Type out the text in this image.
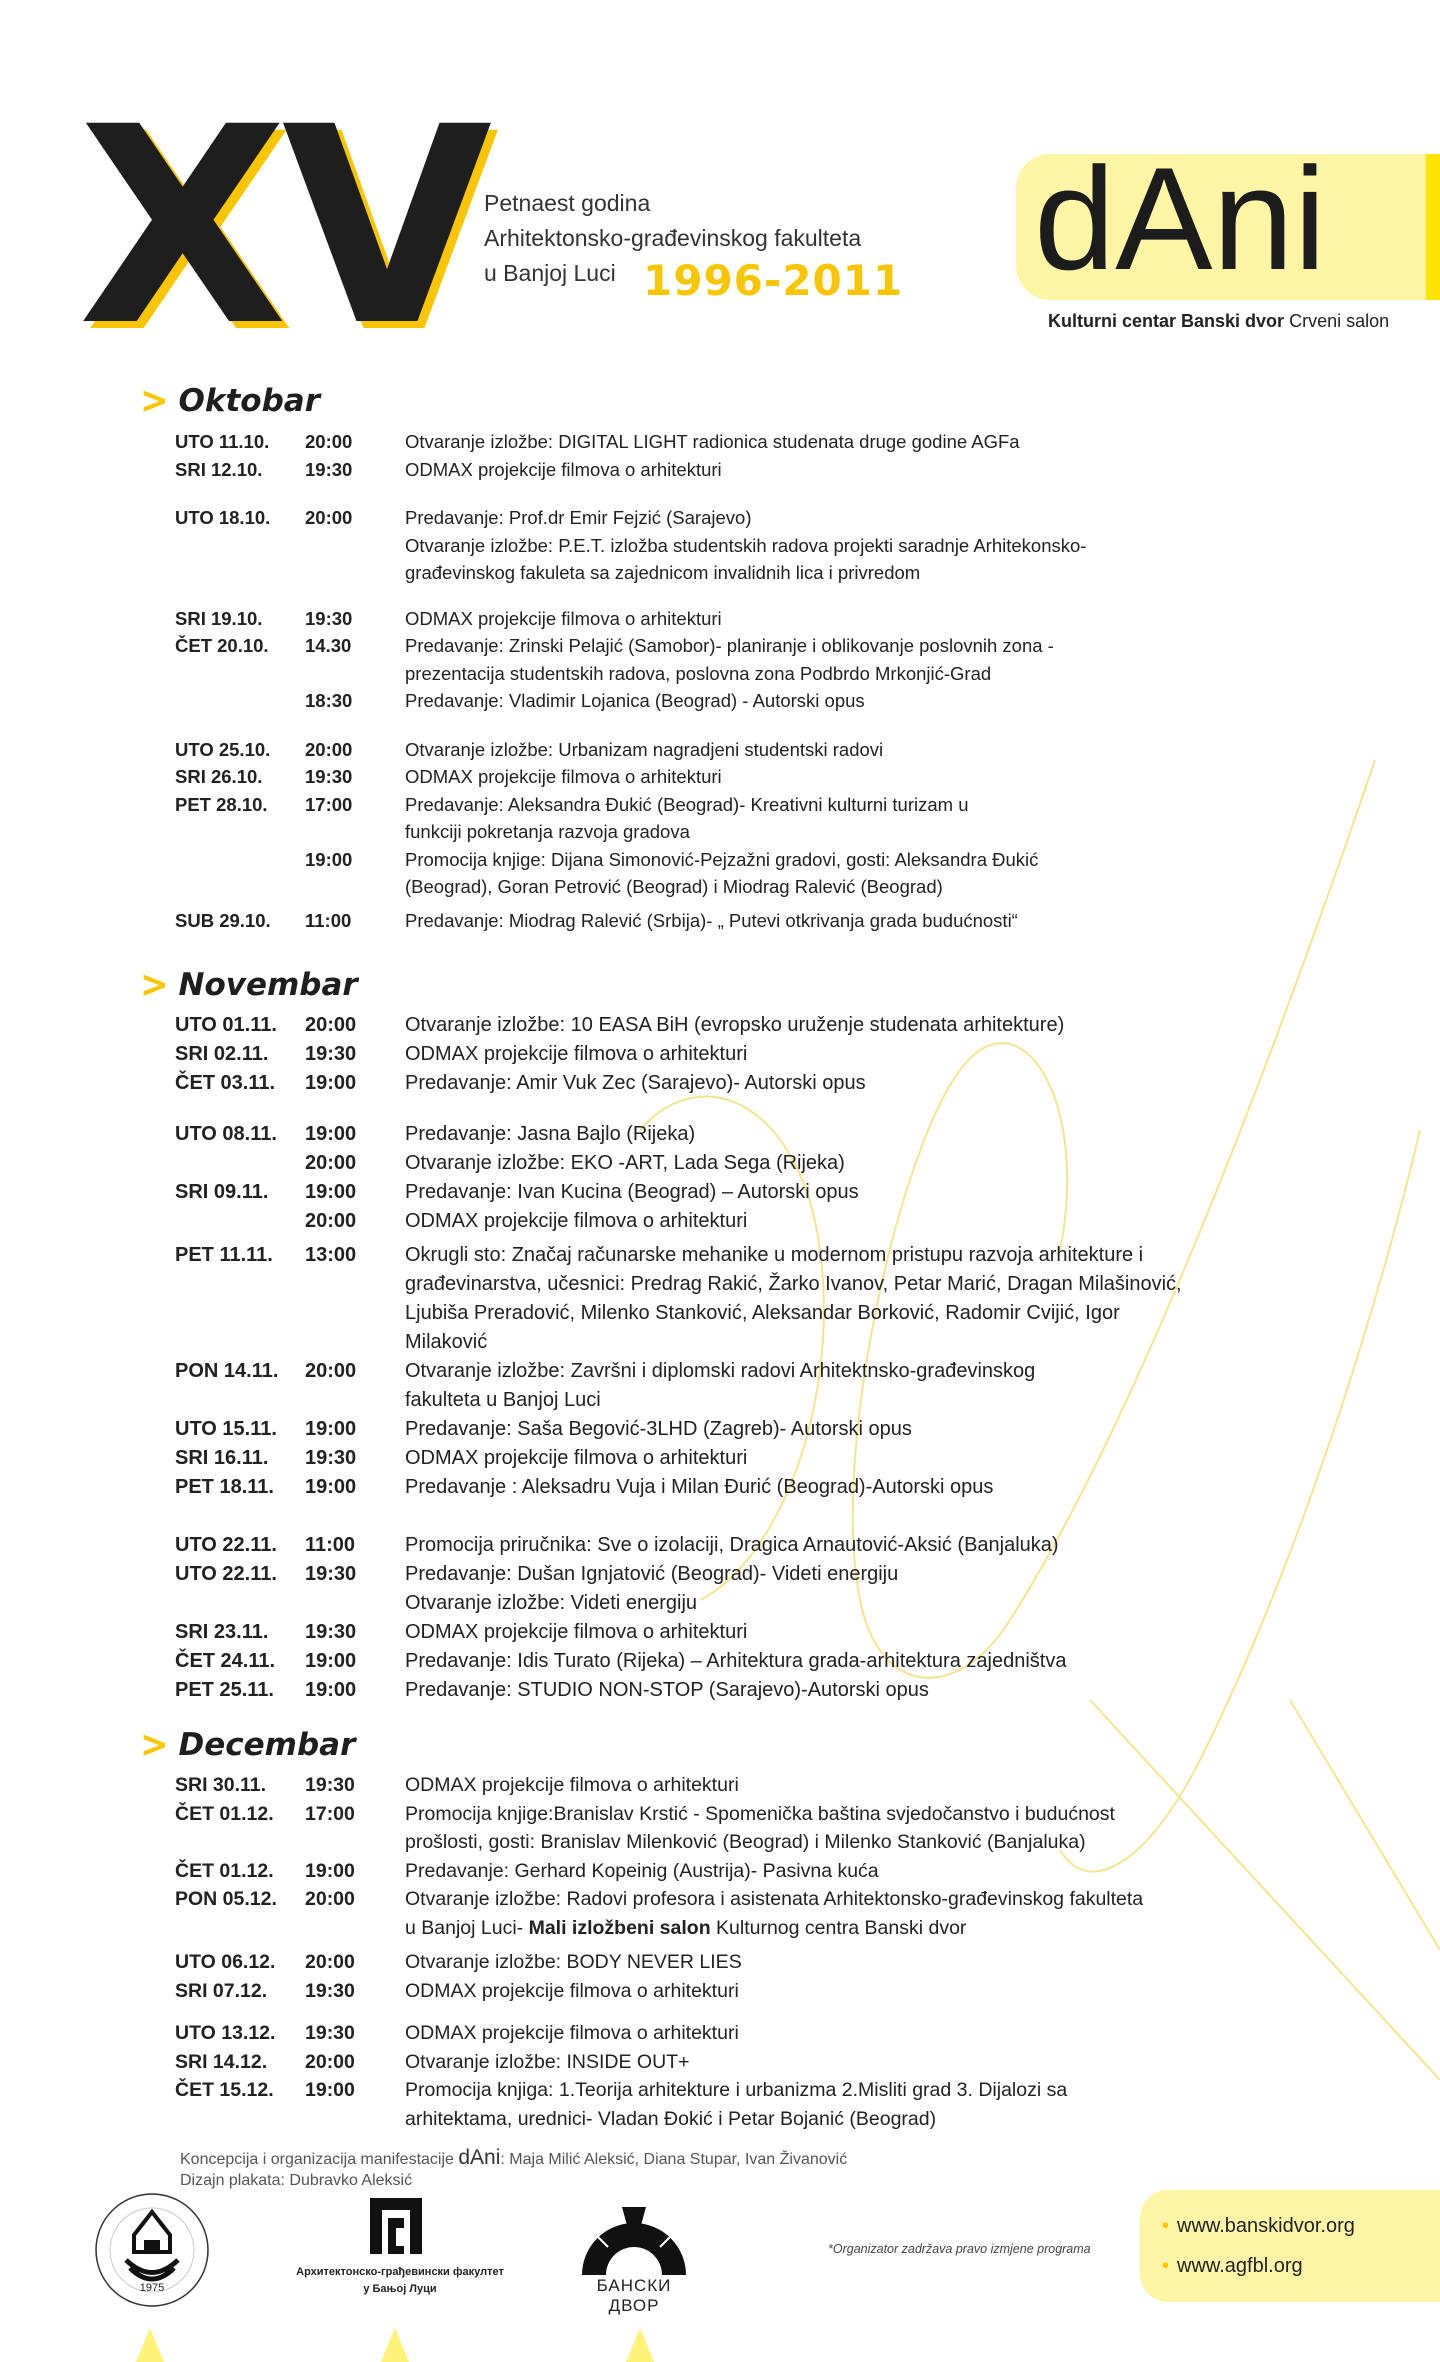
XV
Petnaest godina
Arhitektonsko-građevinskog fakulteta
u Banjoj Luci 1996-2011 dAni
Kulturni centar Banski dvor Crveni salon
> Oktobar
UTO 11.10.	20:00	Otvaranje izložbe: DIGITAL LIGHT radionica studenata druge godine AGFa
SRI 12.10.	19:30	ODMAX projekcije filmova o arhitekturi
UTO 18.10.	20:00	Predavanje: Prof.dr Emir Fejzić (Sarajevo)
Otvaranje izložbe: P.E.T. izložba studentskih radova projekti saradnje Arhitekonsko-
građevinskog fakuleta sa zajednicom invalidnih lica i privredom
SRI 19.10.	19:30	ODMAX projekcije filmova o arhitekturi
ČET 20.10.	14.30	Predavanje: Zrinski Pelajić (Samobor)- planiranje i oblikovanje poslovnih zona -
prezentacija studentskih radova, poslovna zona Podbrdo Mrkonjić-Grad
18:30	Predavanje: Vladimir Lojanica (Beograd) - Autorski opus
UTO 25.10.	20:00	Otvaranje izložbe: Urbanizam nagradjeni studentski radovi
SRI 26.10.	19:30	ODMAX projekcije filmova o arhitekturi
PET 28.10.	17:00	Predavanje: Aleksandra Đukić (Beograd)- Kreativni kulturni turizam u
funkciji pokretanja razvoja gradova
19:00	Promocija knjige: Dijana Simonović-Pejzažni gradovi, gosti: Aleksandra Đukić
(Beograd), Goran Petrović (Beograd) i Miodrag Ralević (Beograd)
SUB 29.10.	11:00	Predavanje: Miodrag Ralević (Srbija)- „ Putevi otkrivanja grada budućnosti“
> Novembar
UTO 01.11.	20:00	Otvaranje izložbe: 10 EASA BiH (evropsko uruženje studenata arhitekture)
SRI 02.11.	19:30	ODMAX projekcije filmova o arhitekturi
ČET 03.11.	19:00	Predavanje: Amir Vuk Zec (Sarajevo)- Autorski opus
UTO 08.11.	19:00	Predavanje: Jasna Bajlo (Rijeka)
20:00	Otvaranje izložbe: EKO -ART, Lada Sega (Rijeka)
SRI 09.11.	19:00	Predavanje: Ivan Kucina (Beograd) – Autorski opus
20:00	ODMAX projekcije filmova o arhitekturi
PET 11.11.	13:00	Okrugli sto: Značaj računarske mehanike u modernom pristupu razvoja arhitekture i
građevinarstva, učesnici: Predrag Rakić, Žarko Ivanov, Petar Marić, Dragan Milašinović,
Ljubiša Preradović, Milenko Stanković, Aleksandar Borković, Radomir Cvijić, Igor
Milaković
PON 14.11.	20:00	Otvaranje izložbe: Završni i diplomski radovi Arhitektnsko-građevinskog
fakulteta u Banjoj Luci
UTO 15.11.	19:00	Predavanje: Saša Begović-3LHD (Zagreb)- Autorski opus
SRI 16.11.	19:30	ODMAX projekcije filmova o arhitekturi
PET 18.11.	19:00	Predavanje : Aleksadru Vuja i Milan Đurić (Beograd)-Autorski opus
UTO 22.11.	11:00	Promocija priručnika: Sve o izolaciji, Dragica Arnautović-Aksić (Banjaluka)
UTO 22.11.	19:30	Predavanje: Dušan Ignjatović (Beograd)- Videti energiju
Otvaranje izložbe: Videti energiju
SRI 23.11.	19:30	ODMAX projekcije filmova o arhitekturi
ČET 24.11.	19:00	Predavanje: Idis Turato (Rijeka) – Arhitektura grada-arhitektura zajedništva
PET 25.11.	19:00	Predavanje: STUDIO NON-STOP (Sarajevo)-Autorski opus
> Decembar
SRI 30.11.	19:30	ODMAX projekcije filmova o arhitekturi
ČET 01.12.	17:00	Promocija knjige:Branislav Krstić - Spomenička baština svjedočanstvo i budućnost
prošlosti, gosti: Branislav Milenković (Beograd) i Milenko Stanković (Banjaluka)
ČET 01.12.	19:00	Predavanje: Gerhard Kopeinig (Austrija)- Pasivna kuća
PON 05.12.	20:00	Otvaranje izložbe: Radovi profesora i asistenata Arhitektonsko-građevinskog fakulteta
u Banjoj Luci- Mali izložbeni salon Kulturnog centra Banski dvor
UTO 06.12.	20:00	Otvaranje izložbe: BODY NEVER LIES
SRI 07.12.	19:30	ODMAX projekcije filmova o arhitekturi
UTO 13.12.	19:30	ODMAX projekcije filmova o arhitekturi
SRI 14.12.	20:00	Otvaranje izložbe: INSIDE OUT+
ČET 15.12.	19:00	Promocija knjiga: 1.Teorija arhitekture i urbanizma 2.Misliti grad 3. Dijalozi sa
arhitektama, urednici- Vladan Đokić i Petar Bojanić (Beograd)
Koncepcija i organizacija manifestacije dAni: Maja Milić Aleksić, Diana Stupar, Ivan Živanović
Dizajn plakata: Dubravko Aleksić
1975
Архитектонско-грађевински факултет
у Бањој Луци	БАНСКИ ДВОР
*Organizator zadržava pravo izmjene programa
• www.banskidvor.org
• www.agfbl.org
